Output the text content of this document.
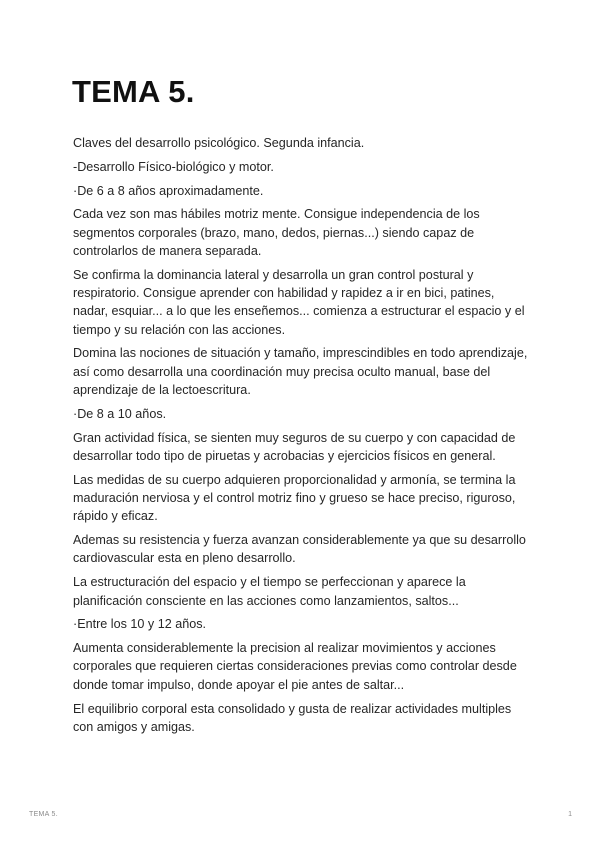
TEMA 5.

Claves del desarrollo psicológico. Segunda infancia.

-Desarrollo Físico-biológico y motor.

·De 6 a 8 años aproximadamente.

Cada vez son mas hábiles motriz mente. Consigue independencia de los segmentos corporales (brazo, mano, dedos, piernas...) siendo capaz de controlarlos de manera separada.

Se confirma la dominancia lateral y desarrolla un gran control postural y respiratorio. Consigue aprender con habilidad y rapidez a ir en bici, patines, nadar, esquiar... a lo que les enseñemos... comienza a estructurar el espacio y el tiempo y su relación con las acciones.

Domina las nociones de situación y tamaño, imprescindibles en todo aprendizaje, así como desarrolla una coordinación muy precisa oculto manual, base del aprendizaje de la lectoescritura.

·De 8 a 10 años.

Gran actividad física, se sienten muy seguros de su cuerpo y con capacidad de desarrollar todo tipo de piruetas y acrobacias y ejercicios físicos en general.

Las medidas de su cuerpo adquieren proporcionalidad y armonía, se termina la maduración nerviosa y el control motriz fino y grueso se hace preciso, riguroso, rápido y eficaz.

Ademas su resistencia y fuerza avanzan considerablemente ya que su desarrollo cardiovascular esta en pleno desarrollo.

La estructuración del espacio y el tiempo se perfeccionan y aparece la planificación consciente en las acciones como lanzamientos, saltos...

·Entre los 10 y 12 años.

Aumenta considerablemente la precision al realizar movimientos y acciones corporales que requieren ciertas consideraciones previas como controlar desde donde tomar impulso, donde apoyar el pie antes de saltar...

El equilibrio corporal esta consolidado y gusta de realizar actividades multiples con amigos y amigas.

TEMA 5.	1
